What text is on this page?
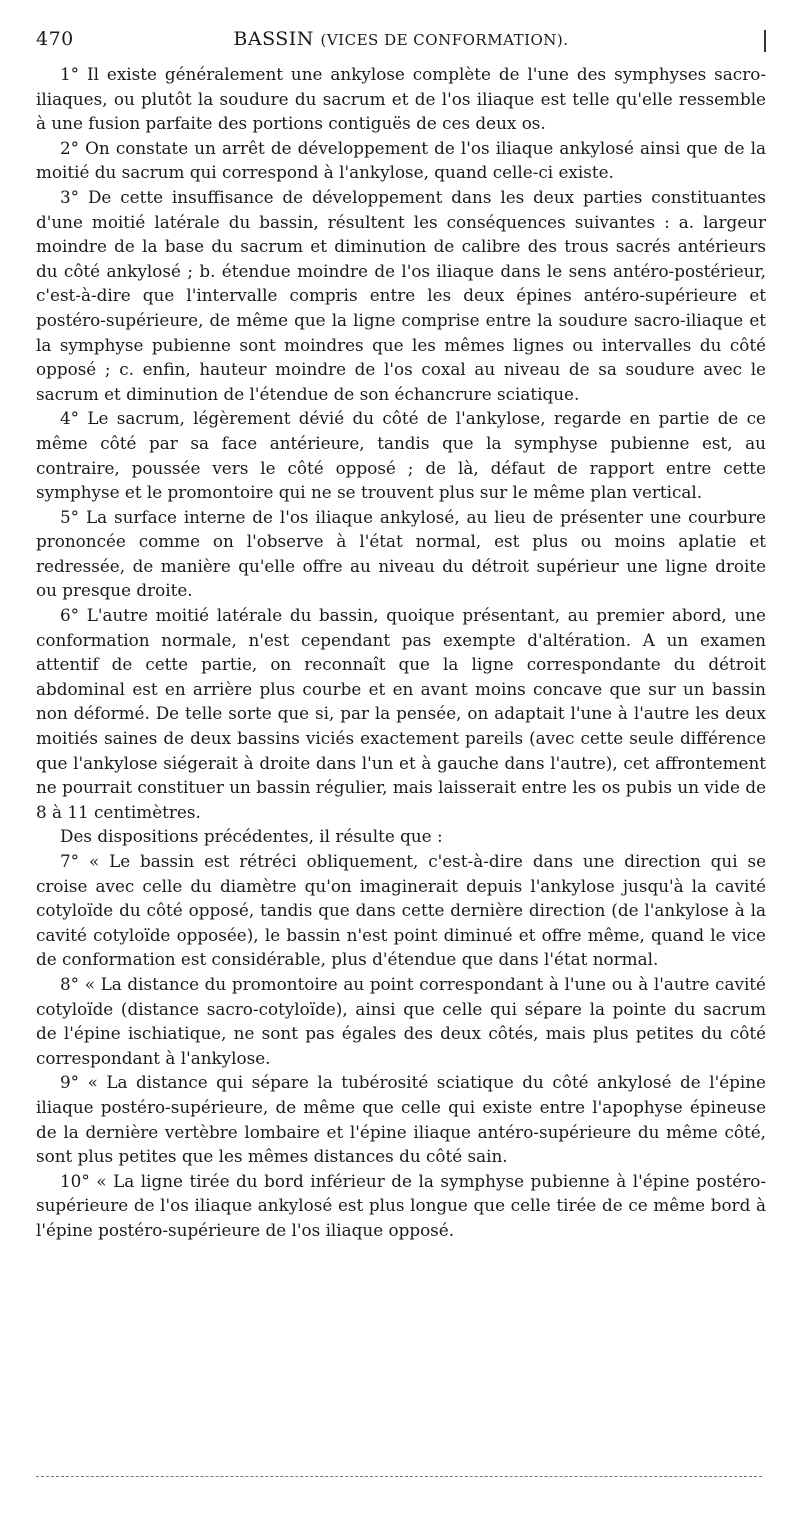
470	BASSIN (VICES DE CONFORMATION).

1° Il existe généralement une ankylose complète de l'une des symphyses sacro-iliaques, ou plutôt la soudure du sacrum et de l'os iliaque est telle qu'elle ressemble à une fusion parfaite des portions contiguës de ces deux os.

2° On constate un arrêt de développement de l'os iliaque ankylosé ainsi que de la moitié du sacrum qui correspond à l'ankylose, quand celle-ci existe.

3° De cette insuffisance de développement dans les deux parties constituantes d'une moitié latérale du bassin, résultent les conséquences suivantes : a. largeur moindre de la base du sacrum et diminution de calibre des trous sacrés antérieurs du côté ankylosé ; b. étendue moindre de l'os iliaque dans le sens antéro-postérieur, c'est-à-dire que l'intervalle compris entre les deux épines antéro-supérieure et postéro-supérieure, de même que la ligne comprise entre la soudure sacro-iliaque et la symphyse pubienne sont moindres que les mêmes lignes ou intervalles du côté opposé ; c. enfin, hauteur moindre de l'os coxal au niveau de sa soudure avec le sacrum et diminution de l'étendue de son échancrure sciatique.

4° Le sacrum, légèrement dévié du côté de l'ankylose, regarde en partie de ce même côté par sa face antérieure, tandis que la symphyse pubienne est, au contraire, poussée vers le côté opposé ; de là, défaut de rapport entre cette symphyse et le promontoire qui ne se trouvent plus sur le même plan vertical.

5° La surface interne de l'os iliaque ankylosé, au lieu de présenter une courbure prononcée comme on l'observe à l'état normal, est plus ou moins aplatie et redressée, de manière qu'elle offre au niveau du détroit supérieur une ligne droite ou presque droite.

6° L'autre moitié latérale du bassin, quoique présentant, au premier abord, une conformation normale, n'est cependant pas exempte d'altération. A un examen attentif de cette partie, on reconnaît que la ligne correspondante du détroit abdominal est en arrière plus courbe et en avant moins concave que sur un bassin non déformé. De telle sorte que si, par la pensée, on adaptait l'une à l'autre les deux moitiés saines de deux bassins viciés exactement pareils (avec cette seule différence que l'ankylose siégerait à droite dans l'un et à gauche dans l'autre), cet affrontement ne pourrait constituer un bassin régulier, mais laisserait entre les os pubis un vide de 8 à 11 centimètres.

Des dispositions précédentes, il résulte que :

7° « Le bassin est rétréci obliquement, c'est-à-dire dans une direction qui se croise avec celle du diamètre qu'on imaginerait depuis l'ankylose jusqu'à la cavité cotyloïde du côté opposé, tandis que dans cette dernière direction (de l'ankylose à la cavité cotyloïde opposée), le bassin n'est point diminué et offre même, quand le vice de conformation est considérable, plus d'étendue que dans l'état normal.

8° « La distance du promontoire au point correspondant à l'une ou à l'autre cavité cotyloïde (distance sacro-cotyloïde), ainsi que celle qui sépare la pointe du sacrum de l'épine ischiatique, ne sont pas égales des deux côtés, mais plus petites du côté correspondant à l'ankylose.

9° « La distance qui sépare la tubérosité sciatique du côté ankylosé de l'épine iliaque postéro-supérieure, de même que celle qui existe entre l'apophyse épineuse de la dernière vertèbre lombaire et l'épine iliaque antéro-supérieure du même côté, sont plus petites que les mêmes distances du côté sain.

10° « La ligne tirée du bord inférieur de la symphyse pubienne à l'épine postéro-supérieure de l'os iliaque ankylosé est plus longue que celle tirée de ce même bord à l'épine postéro-supérieure de l'os iliaque opposé.
